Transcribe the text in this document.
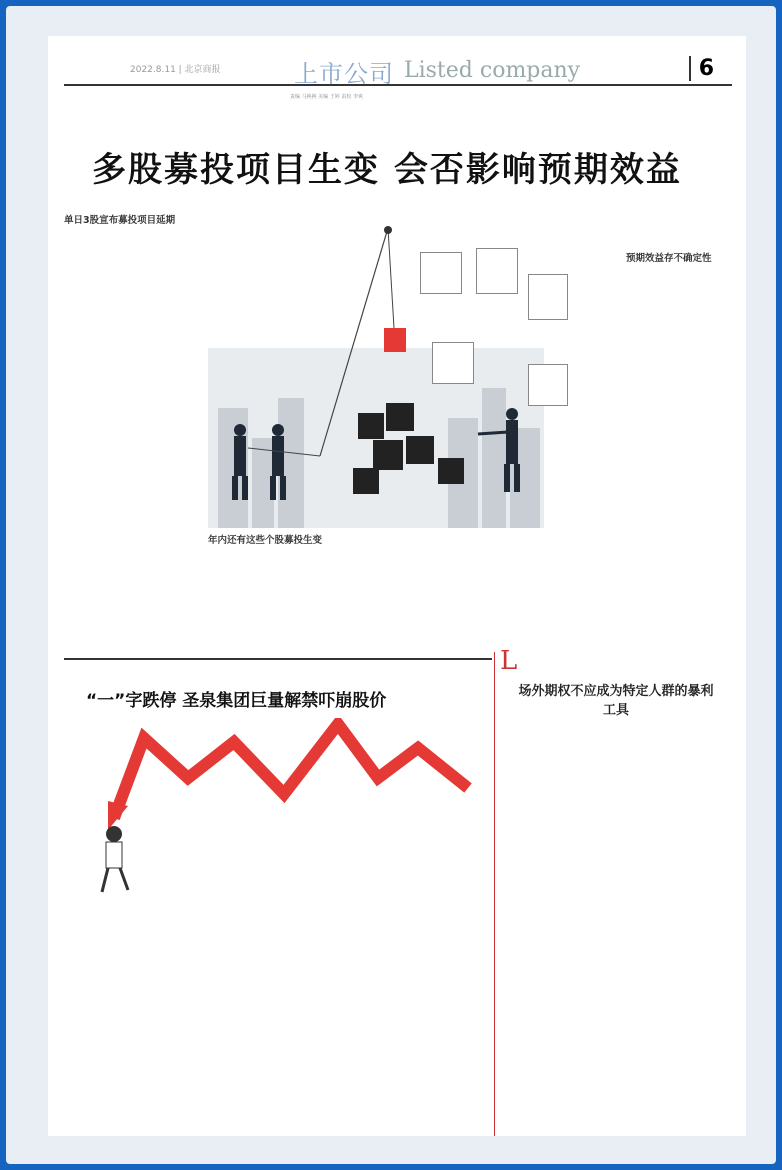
2022.8.11 | 北京商报	上市公司 Listed company	6
责编 马换换 美编 王婷 责校 李爽
多股募投项目生变 会否影响预期效益
单日3股宣布募投项目延期
年内还有这些个股募投生变
预期效益存不确定性
“一”字跌停 圣泉集团巨量解禁吓崩股价
L
场外期权不应成为特定人群的暴利工具
